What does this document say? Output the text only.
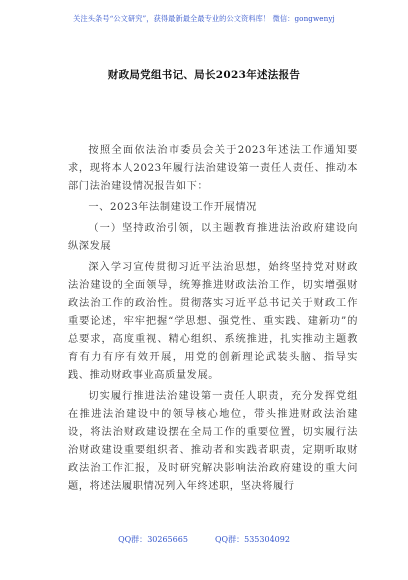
关注头条号“公文研究”，获得最新最全最专业的公文资料库！ 微信：gongwenyj
财政局党组书记、局长2023年述法报告

按照全面依法治市委员会关于2023年述法工作通知要求，现将本人2023年履行法治建设第一责任人责任、推动本部门法治建设情况报告如下：

一、2023年法制建设工作开展情况

（一）坚持政治引领，以主题教育推进法治政府建设向纵深发展

深入学习宣传贯彻习近平法治思想，始终坚持党对财政法治建设的全面领导，统筹推进财政法治工作，切实增强财政法治工作的政治性。贯彻落实习近平总书记关于财政工作重要论述，牢牢把握“学思想、强党性、重实践、建新功”的总要求，高度重视、精心组织、系统推进，扎实推动主题教育有力有序有效开展，用党的创新理论武装头脑、指导实践、推动财政事业高质量发展。

切实履行推进法治建设第一责任人职责，充分发挥党组在推进法治建设中的领导核心地位，带头推进财政法治建设，将法治财政建设摆在全局工作的重要位置，切实履行法治财政建设重要组织者、推动者和实践者职责，定期听取财政法治工作汇报，及时研究解决影响法治政府建设的重大问题，将述法履职情况列入年终述职，坚决将履行

QQ群：30265665	QQ群：535304092
